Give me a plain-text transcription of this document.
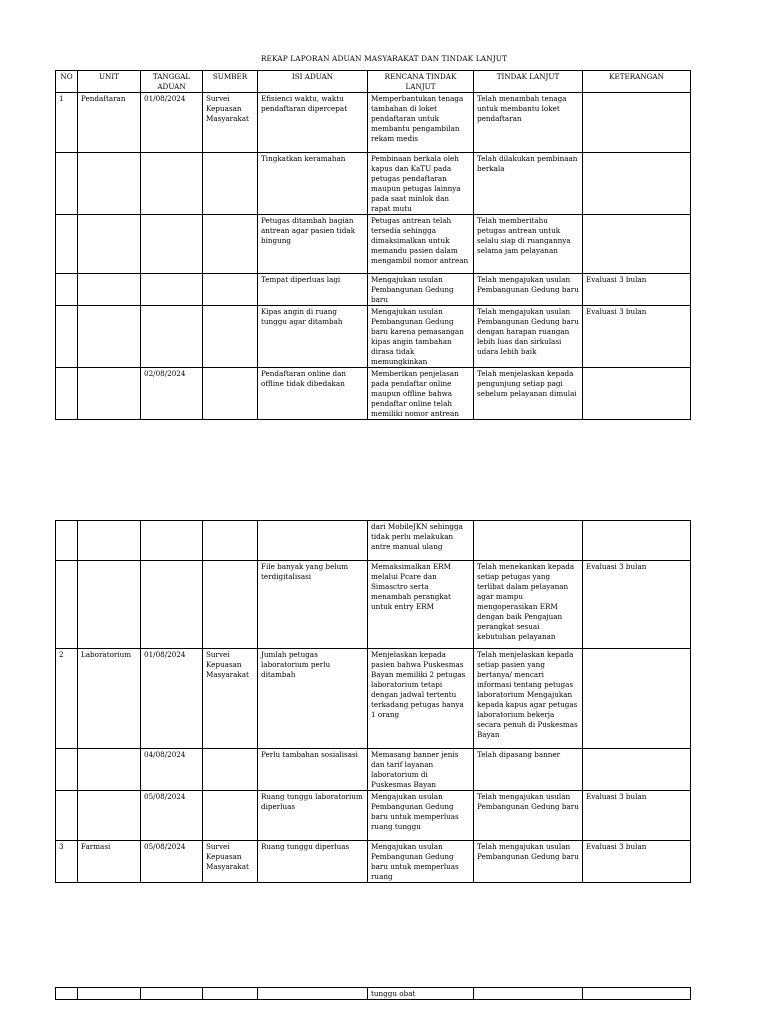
REKAP LAPORAN ADUAN MASYARAKAT DAN TINDAK LANJUT
NO	UNIT	TANGGAL ADUAN	SUMBER	ISI ADUAN	RENCANA TINDAK LANJUT	TINDAK LANJUT	KETERANGAN
1	Pendaftaran	01/08/2024	Survei Kepuasan Masyarakat	Efisienci waktu, waktu pendaftaran dipercepat	Memperbantukan tenaga tambahan di loket pendaftaran untuk membantu pengambilan rekam medis	Telah menambah tenaga untuk membantu loket pendaftaran	
				Tingkatkan keramahan	Pembinaan berkala oleh kapus dan KaTU pada petugas pendaftaran maupun petugas lainnya pada saat minlok dan rapat mutu	Telah dilakukan pembinaan berkala	
				Petugas ditambah bagian antrean agar pasien tidak bingung	Petugas antrean telah tersedia sehingga dimaksimalkan untuk memandu pasien dalam mengambil nomor antrean	Telah memberitahu petugas antrean untuk selalu siap di ruangannya selama jam pelayanan	
				Tempat diperluas lagi	Mengajukan usulan Pembangunan Gedung baru	Telah mengajukan usulan Pembangunan Gedung baru	Evaluasi 3 bulan
				Kipas angin di ruang tunggu agar ditambah	Mengajukan usulan Pembangunan Gedung baru karena pemasangan kipas angin tambahan dirasa tidak memungkinkan	Telah mengajukan usulan Pembangunan Gedung baru dengan harapan ruangan lebih luas dan sirkulasi udara lebih baik	Evaluasi 3 bulan
		02/08/2024		Pendaftaran online dan offline tidak dibedakan	Memberikan penjelasan pada pendaftar online maupun offline bahwa pendaftar online telah memiliki nomor antrean	Telah menjelaskan kepada pengunjung setiap pagi sebelum pelayanan dimulai	
					dari MobileJKN sehingga tidak perlu melakukan antre manual ulang		
				File banyak yang belum terdigitalisasi	Memaksimalkan ERM melalui Pcare dan Simasctro serta menambah perangkat untuk entry ERM	Telah menekankan kepada setiap petugas yang terlibat dalam pelayanan agar mampu mengoperasikan ERM dengan baik Pengajuan perangkat sesuai kebutuhan pelayanan	Evaluasi 3 bulan
2	Laboratorium	01/08/2024	Survei Kepuasan Masyarakat	Jumlah petugas laboratorium perlu ditambah	Menjelaskan kepada pasien bahwa Puskesmas Bayan memiliki 2 petugas laboratorium tetapi dengan jadwal tertentu terkadang petugas hanya 1 orang	Telah menjelaskan kepada setiap pasien yang bertanya/ mencari informasi tentang petugas laboratorium Mengajukan kepada kapus agar petugas laboratorium bekerja secara penuh di Puskesmas Bayan	
		04/08/2024		Perlu tambahan sosialisasi	Memasang banner jenis dan tarif layanan laboratorium di Puskesmas Bayan	Telah dipasang banner	
		05/08/2024		Ruang tunggu laboratorium diperluas	Mengajukan usulan Pembangunan Gedung baru untuk memperluas ruang tunggu	Telah mengajukan usulan Pembangunan Gedung baru	Evaluasi 3 bulan
3	Farmasi	05/08/2024	Survei Kepuasan Masyarakat	Ruang tunggu diperluas	Mengajukan usulan Pembangunan Gedung baru untuk memperluas ruang	Telah mengajukan usulan Pembangunan Gedung baru	Evaluasi 3 bulan
					tunggu obat		
